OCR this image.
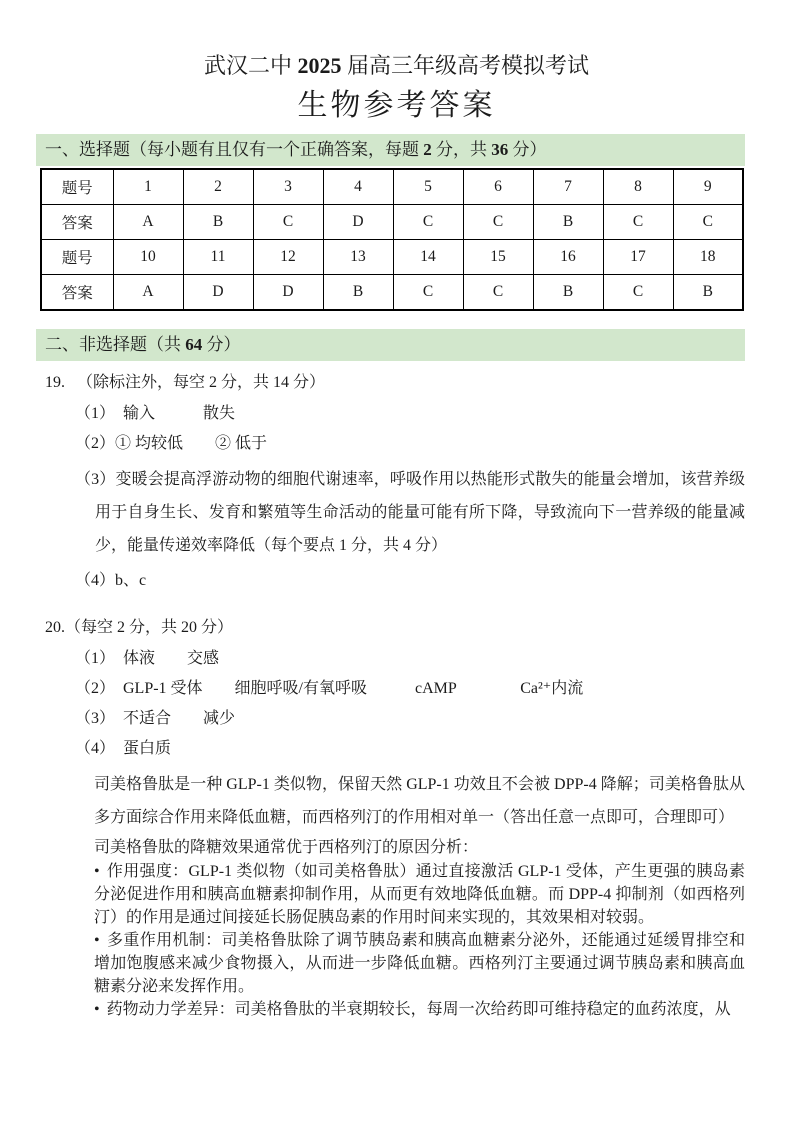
武汉二中 2025 届高三年级高考模拟考试
生物参考答案
一、选择题（每小题有且仅有一个正确答案，每题 2 分，共 36 分）
题号	1	2	3	4	5	6	7	8	9
答案	A	B	C	D	C	C	B	C	C
题号	10	11	12	13	14	15	16	17	18
答案	A	D	D	B	C	C	B	C	B
二、非选择题（共 64 分）
19. （除标注外，每空 2 分，共 14 分）
（1）　输入　　　散失
（2）① 均较低　　② 低于
（3）变暖会提高浮游动物的细胞代谢速率，呼吸作用以热能形式散失的能量会增加，该营养级用于自身生长、发育和繁殖等生命活动的能量可能有所下降，导致流向下一营养级的能量减少，能量传递效率降低（每个要点 1 分，共 4 分）
（4）b、c
20.（每空 2 分，共 20 分）
（1）　体液　　交感
（2）　GLP-1 受体　　细胞呼吸/有氧呼吸　　　cAMP　　　　Ca²⁺内流
（3）　不适合　　减少
（4）　蛋白质
司美格鲁肽是一种 GLP-1 类似物，保留天然 GLP-1 功效且不会被 DPP-4 降解；司美格鲁肽从多方面综合作用来降低血糖，而西格列汀的作用相对单一（答出任意一点即可，合理即可）
司美格鲁肽的降糖效果通常优于西格列汀的原因分析：
• 作用强度：GLP-1 类似物（如司美格鲁肽）通过直接激活 GLP-1 受体，产生更强的胰岛素分泌促进作用和胰高血糖素抑制作用，从而更有效地降低血糖。而 DPP-4 抑制剂（如西格列汀）的作用是通过间接延长肠促胰岛素的作用时间来实现的，其效果相对较弱。
• 多重作用机制：司美格鲁肽除了调节胰岛素和胰高血糖素分泌外，还能通过延缓胃排空和增加饱腹感来减少食物摄入，从而进一步降低血糖。西格列汀主要通过调节胰岛素和胰高血糖素分泌来发挥作用。
• 药物动力学差异：司美格鲁肽的半衰期较长，每周一次给药即可维持稳定的血药浓度，从
